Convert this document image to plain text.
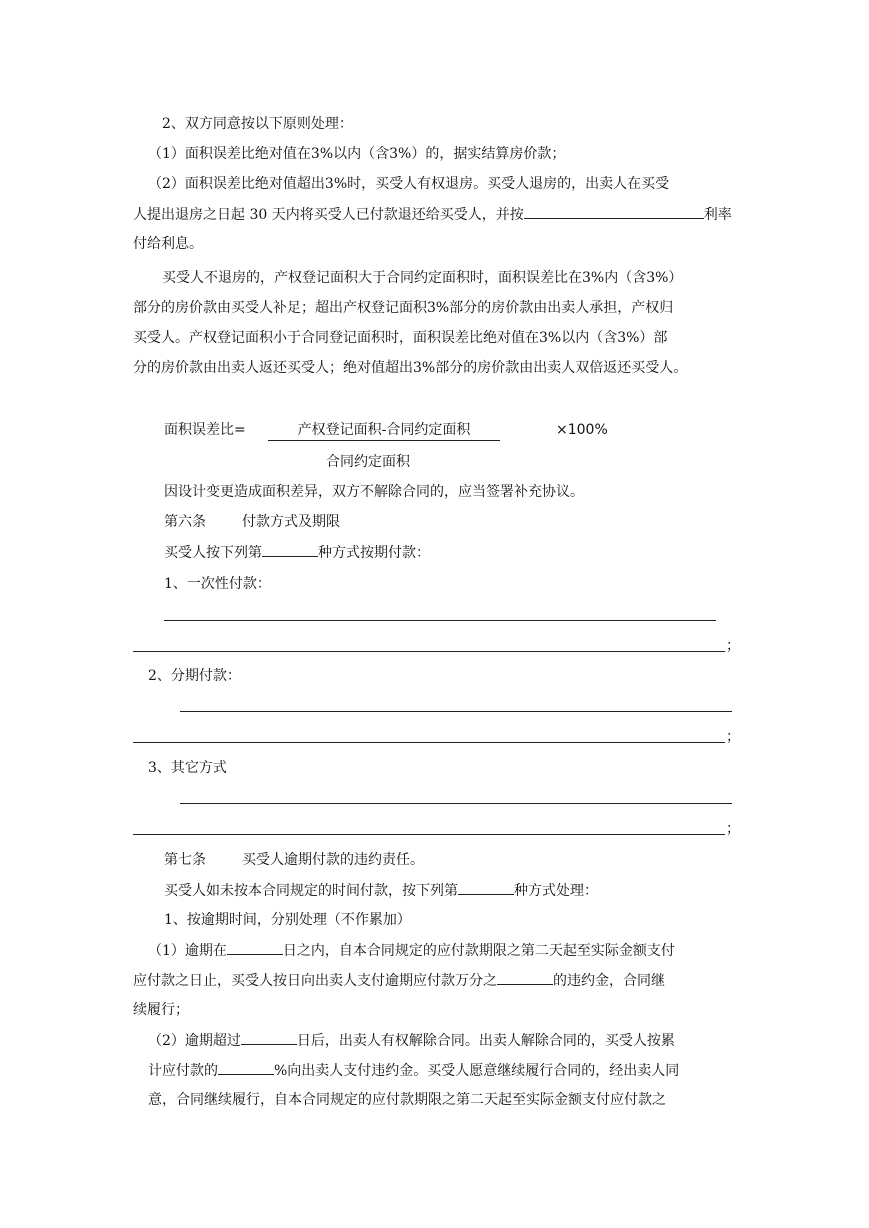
2、双方同意按以下原则处理：
（1）面积误差比绝对值在3%以内（含3%）的，据实结算房价款；
（2）面积误差比绝对值超出3%时，买受人有权退房。买受人退房的，出卖人在买受
人提出退房之日起 30 天内将买受人已付款退还给买受人，并按	利率
付给利息。
买受人不退房的，产权登记面积大于合同约定面积时，面积误差比在3%内（含3%）
部分的房价款由买受人补足；超出产权登记面积3%部分的房价款由出卖人承担，产权归
买受人。产权登记面积小于合同登记面积时，面积误差比绝对值在3%以内（含3%）部
分的房价款由出卖人返还买受人；绝对值超出3%部分的房价款由出卖人双倍返还买受人。
面积误差比=	产权登记面积-合同约定面积	×100%
合同约定面积
因设计变更造成面积差异，双方不解除合同的，应当签署补充协议。
第六条	付款方式及期限
买受人按下列第	种方式按期付款：
1、一次性付款：
；
2、分期付款：
；
3、其它方式
；
第七条	买受人逾期付款的违约责任。
买受人如未按本合同规定的时间付款，按下列第	种方式处理：
1、按逾期时间，分别处理（不作累加）
（1）逾期在	日之内，自本合同规定的应付款期限之第二天起至实际金额支付
应付款之日止，买受人按日向出卖人支付逾期应付款万分之	的违约金，合同继
续履行；
（2）逾期超过	日后，出卖人有权解除合同。出卖人解除合同的，买受人按累
计应付款的	%向出卖人支付违约金。买受人愿意继续履行合同的，经出卖人同
意，合同继续履行，自本合同规定的应付款期限之第二天起至实际金额支付应付款之
